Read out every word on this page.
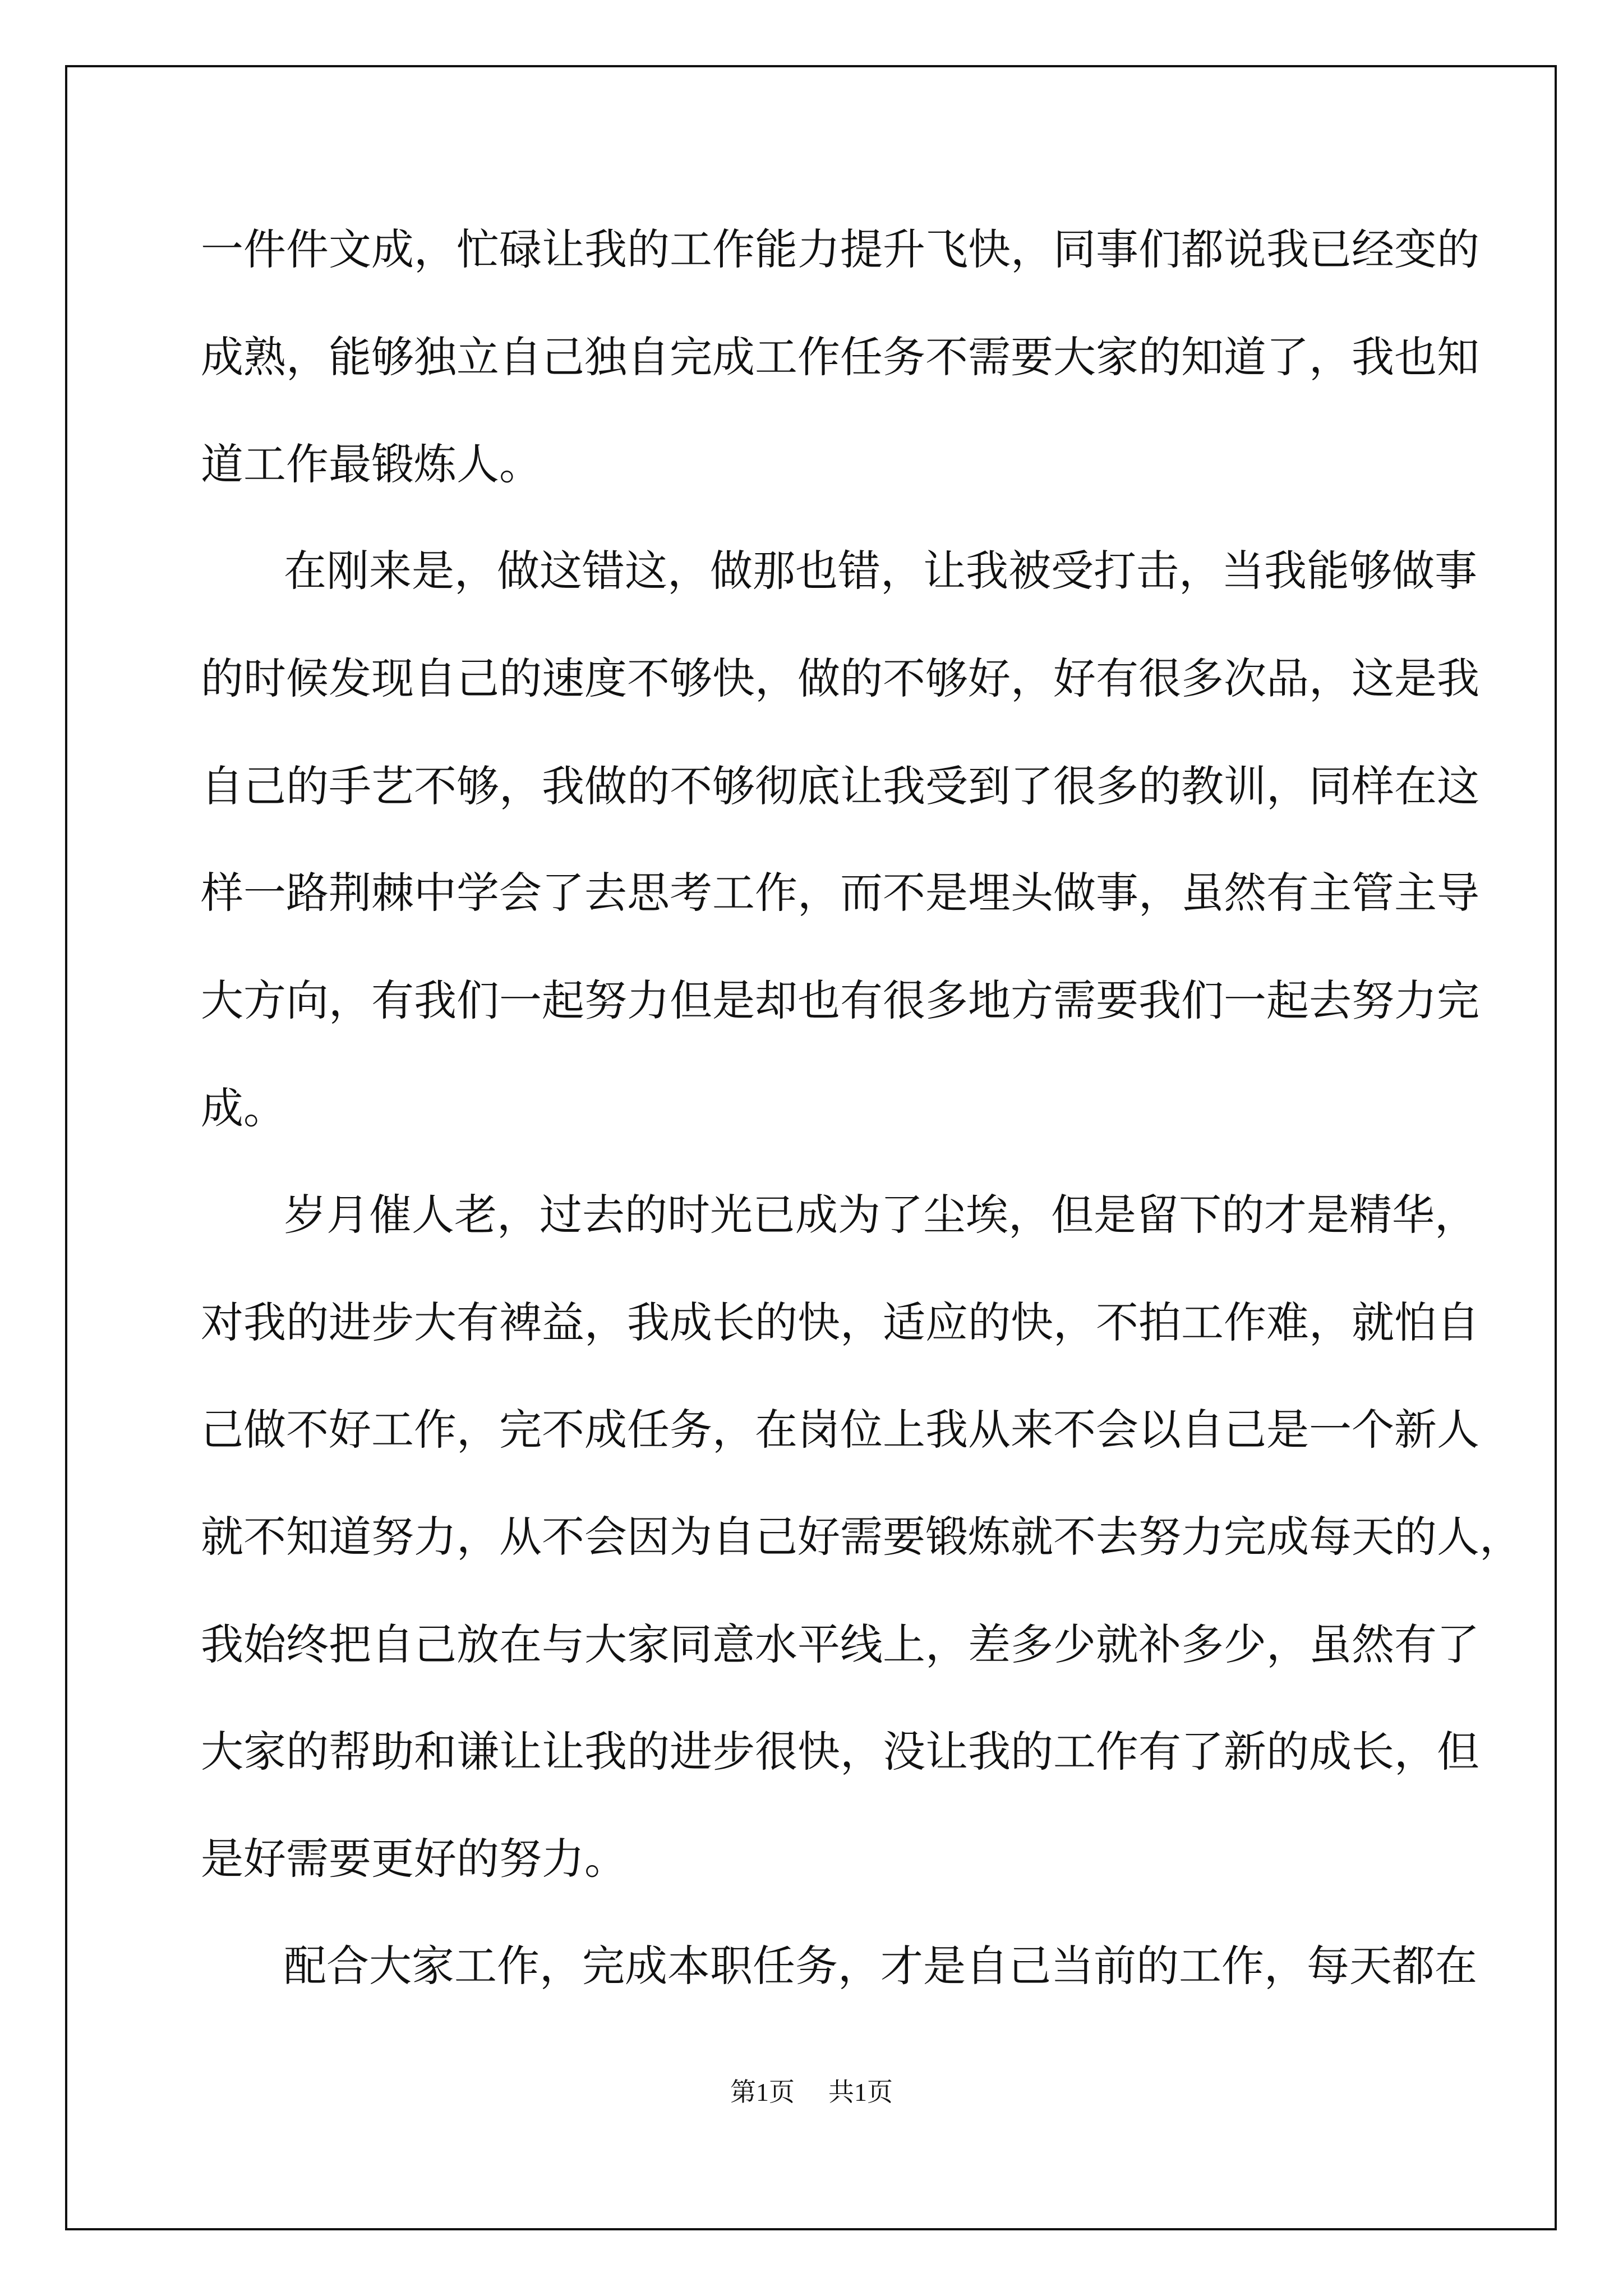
一件件文成，忙碌让我的工作能力提升飞快，同事们都说我已经变的
成熟，能够独立自己独自完成工作任务不需要大家的知道了，我也知
道工作最锻炼人。
在刚来是，做这错这，做那也错，让我被受打击，当我能够做事
的时候发现自己的速度不够快，做的不够好，好有很多次品，这是我
自己的手艺不够，我做的不够彻底让我受到了很多的教训，同样在这
样一路荆棘中学会了去思考工作，而不是埋头做事，虽然有主管主导
大方向，有我们一起努力但是却也有很多地方需要我们一起去努力完
成。
岁月催人老，过去的时光已成为了尘埃，但是留下的才是精华，
对我的进步大有裨益，我成长的快，适应的快，不拍工作难，就怕自
己做不好工作，完不成任务，在岗位上我从来不会以自己是一个新人
就不知道努力，从不会因为自己好需要锻炼就不去努力完成每天的人，
我始终把自己放在与大家同意水平线上，差多少就补多少，虽然有了
大家的帮助和谦让让我的进步很快，没让我的工作有了新的成长，但
是好需要更好的努力。
配合大家工作，完成本职任务，才是自己当前的工作，每天都在
第1页 共1页
